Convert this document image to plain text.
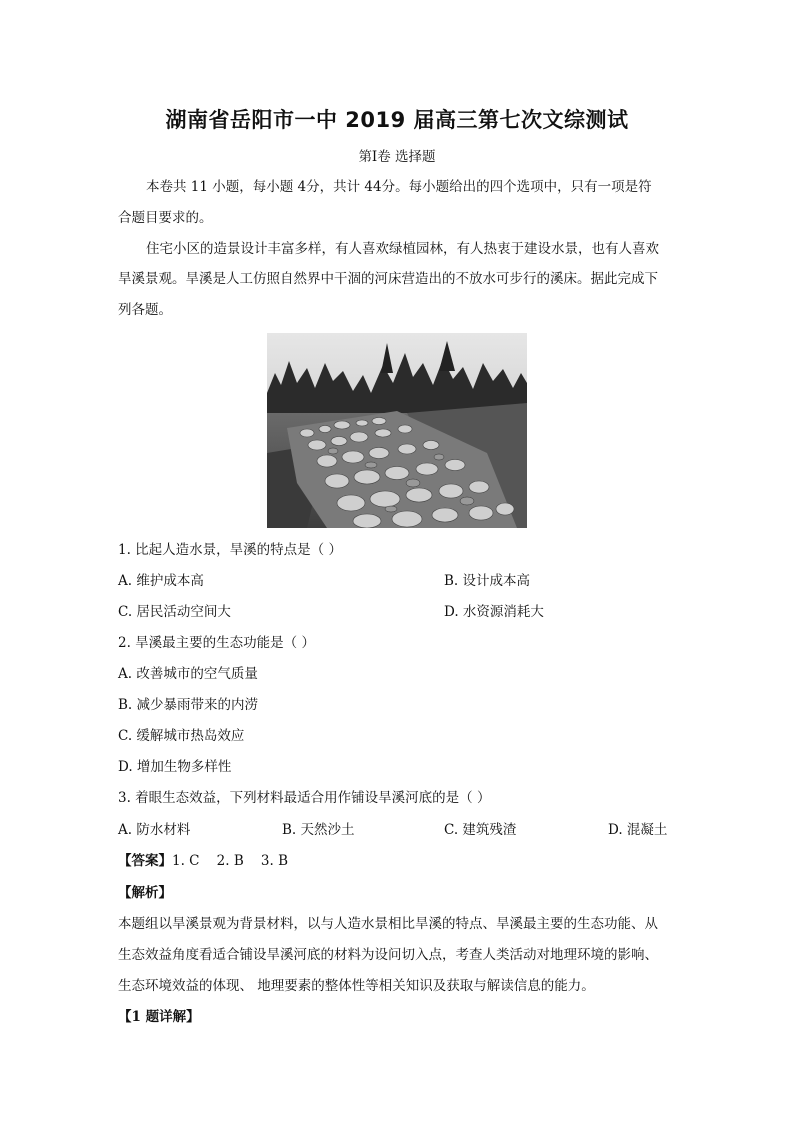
湖南省岳阳市一中 2019 届高三第七次文综测试
第Ⅰ卷 选择题
本卷共 11 小题，每小题 4分，共计 44分。每小题给出的四个选项中，只有一项是符
合题目要求的。
住宅小区的造景设计丰富多样，有人喜欢绿植园林，有人热衷于建设水景，也有人喜欢
旱溪景观。旱溪是人工仿照自然界中干涸的河床营造出的不放水可步行的溪床。据此完成下
列各题。
1. 比起人造水景，旱溪的特点是（ ）
A. 维护成本高	B. 设计成本高
C. 居民活动空间大	D. 水资源消耗大
2. 旱溪最主要的生态功能是（ ）
A. 改善城市的空气质量
B. 减少暴雨带来的内涝
C. 缓解城市热岛效应
D. 增加生物多样性
3. 着眼生态效益，下列材料最适合用作铺设旱溪河底的是（ ）
A. 防水材料	B. 天然沙土	C. 建筑残渣	D. 混凝土
【答案】1. C    2. B    3. B
【解析】
本题组以旱溪景观为背景材料，以与人造水景相比旱溪的特点、旱溪最主要的生态功能、从
生态效益角度看适合铺设旱溪河底的材料为设问切入点，考查人类活动对地理环境的影响、
生态环境效益的体现、 地理要素的整体性等相关知识及获取与解读信息的能力。
【1 题详解】
